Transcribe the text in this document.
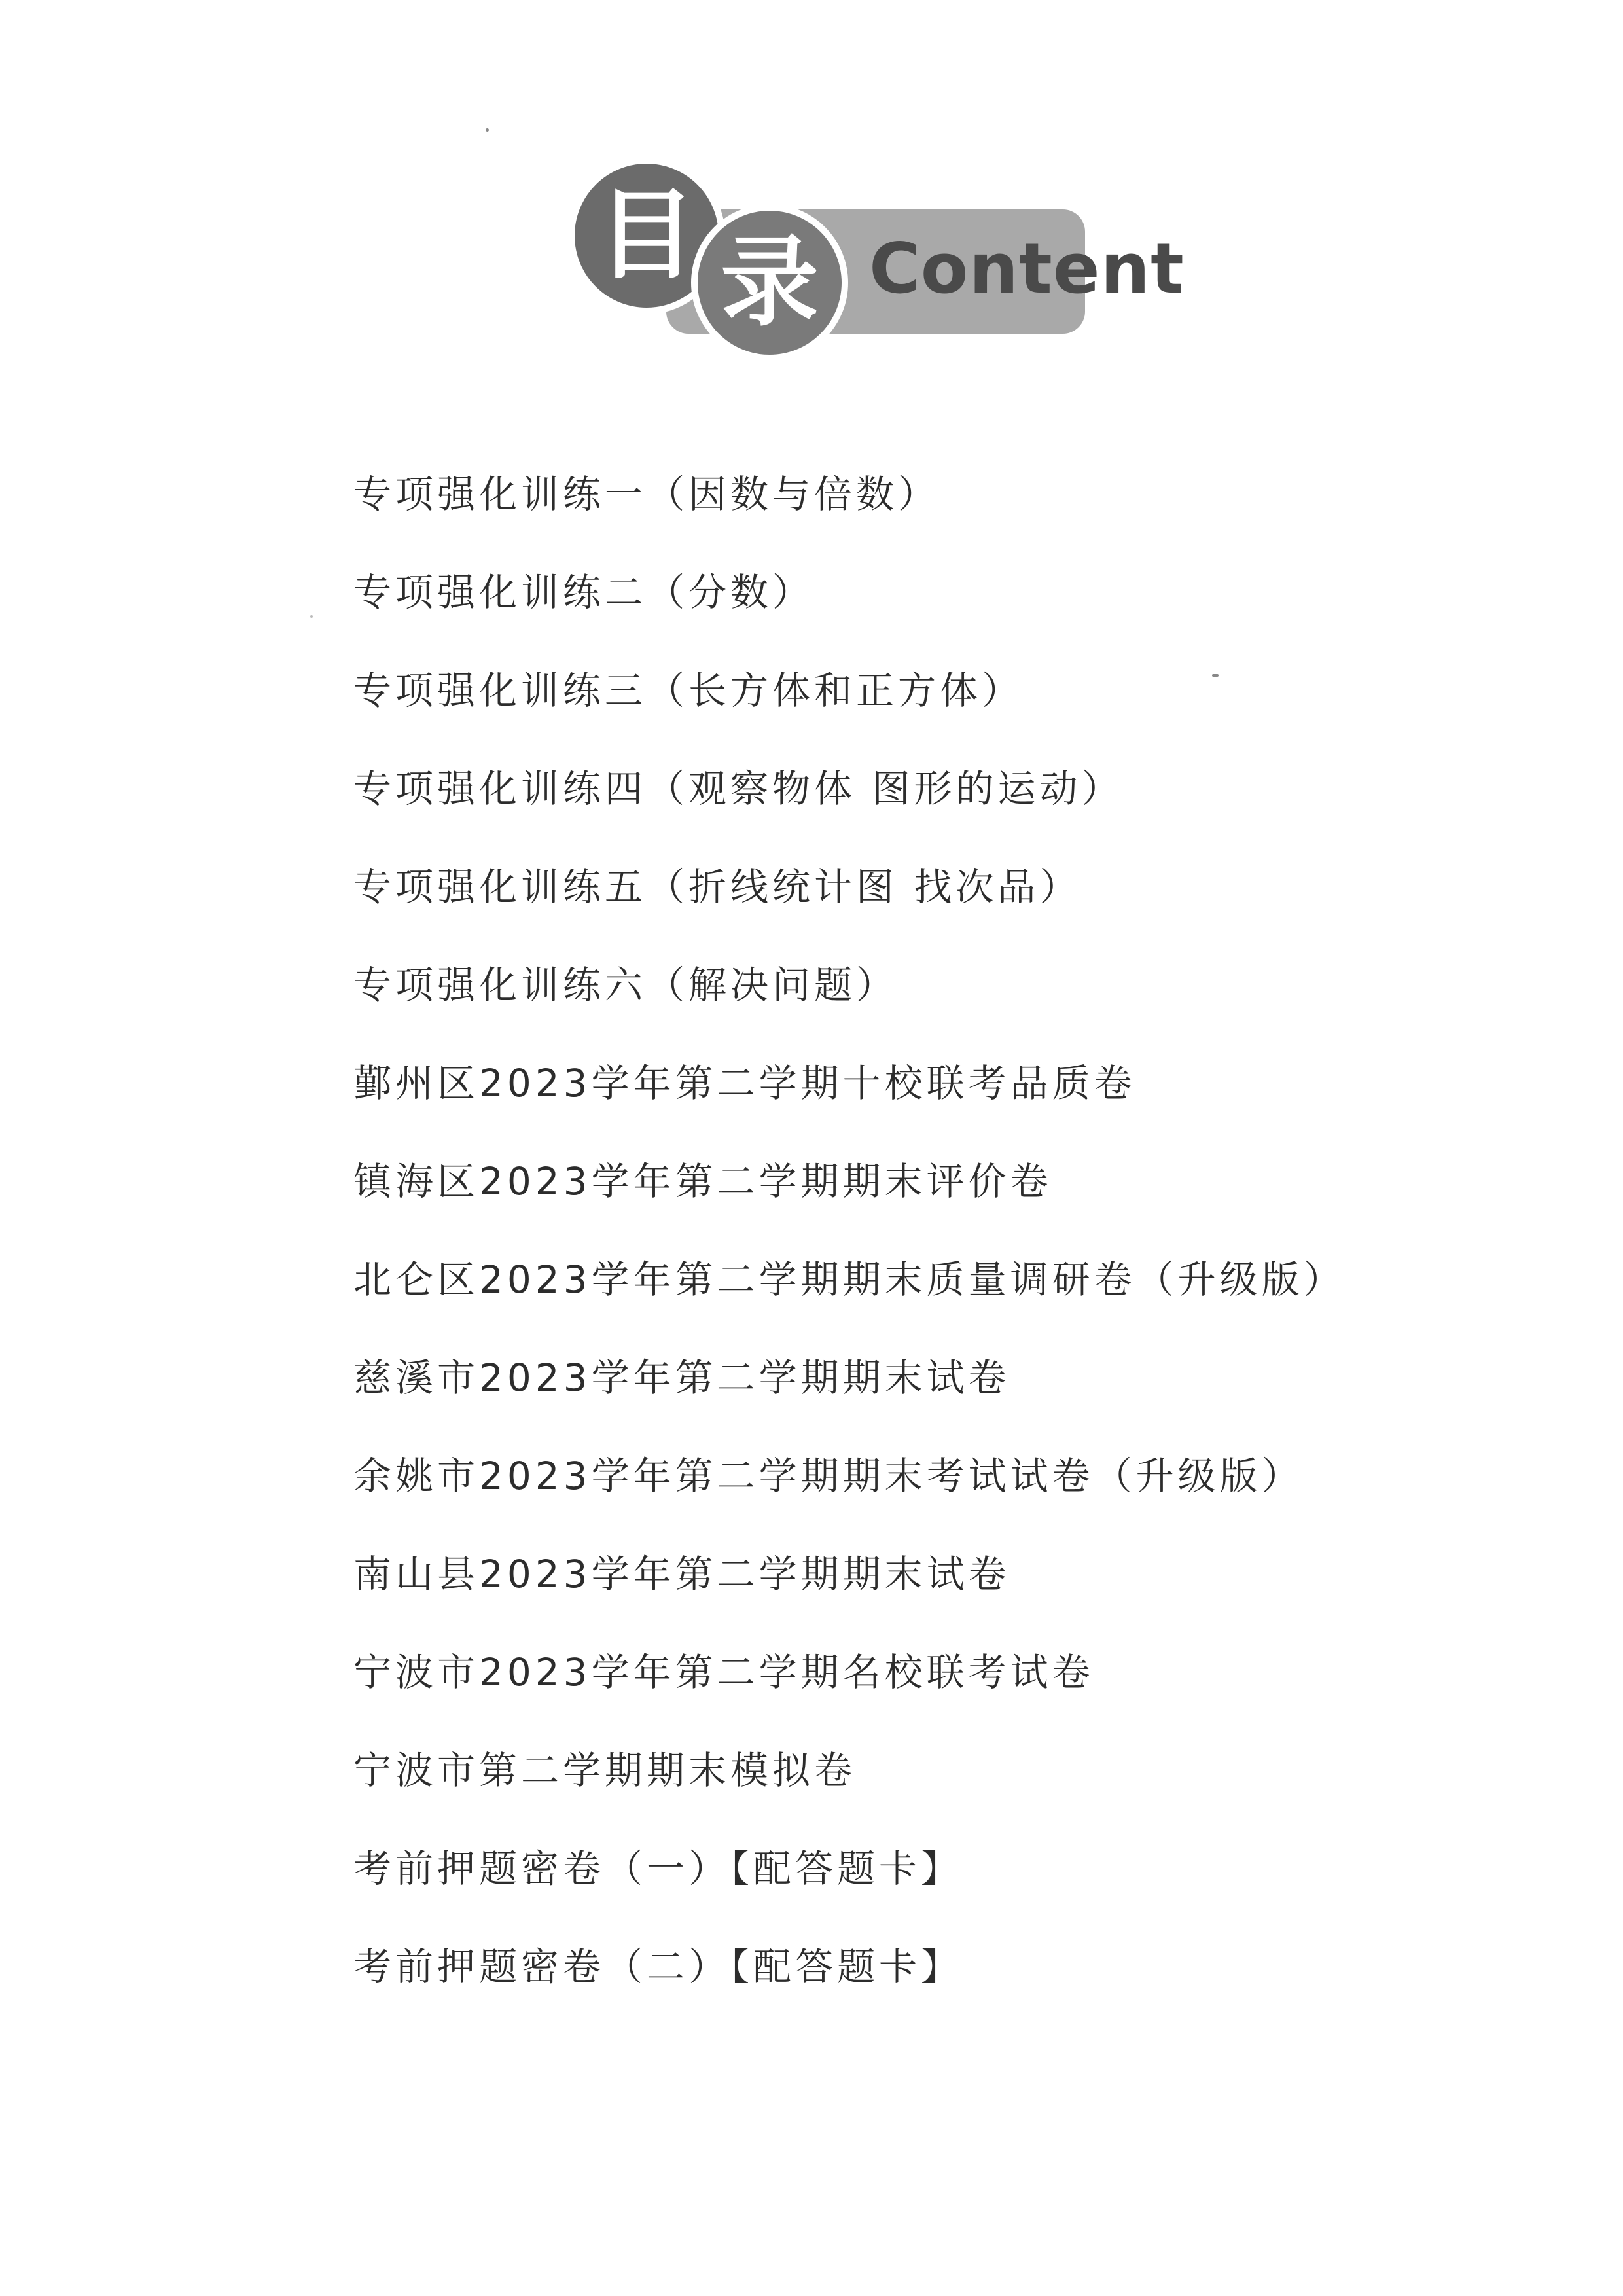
Content
目 录
专项强化训练一（因数与倍数）
专项强化训练二（分数）
专项强化训练三（长方体和正方体）
专项强化训练四（观察物体 图形的运动）
专项强化训练五（折线统计图 找次品）
专项强化训练六（解决问题）
鄞州区2023学年第二学期十校联考品质卷
镇海区2023学年第二学期期末评价卷
北仑区2023学年第二学期期末质量调研卷（升级版）
慈溪市2023学年第二学期期末试卷
余姚市2023学年第二学期期末考试试卷（升级版）
南山县2023学年第二学期期末试卷
宁波市2023学年第二学期名校联考试卷
宁波市第二学期期末模拟卷
考前押题密卷（一）【配答题卡】
考前押题密卷（二）【配答题卡】
